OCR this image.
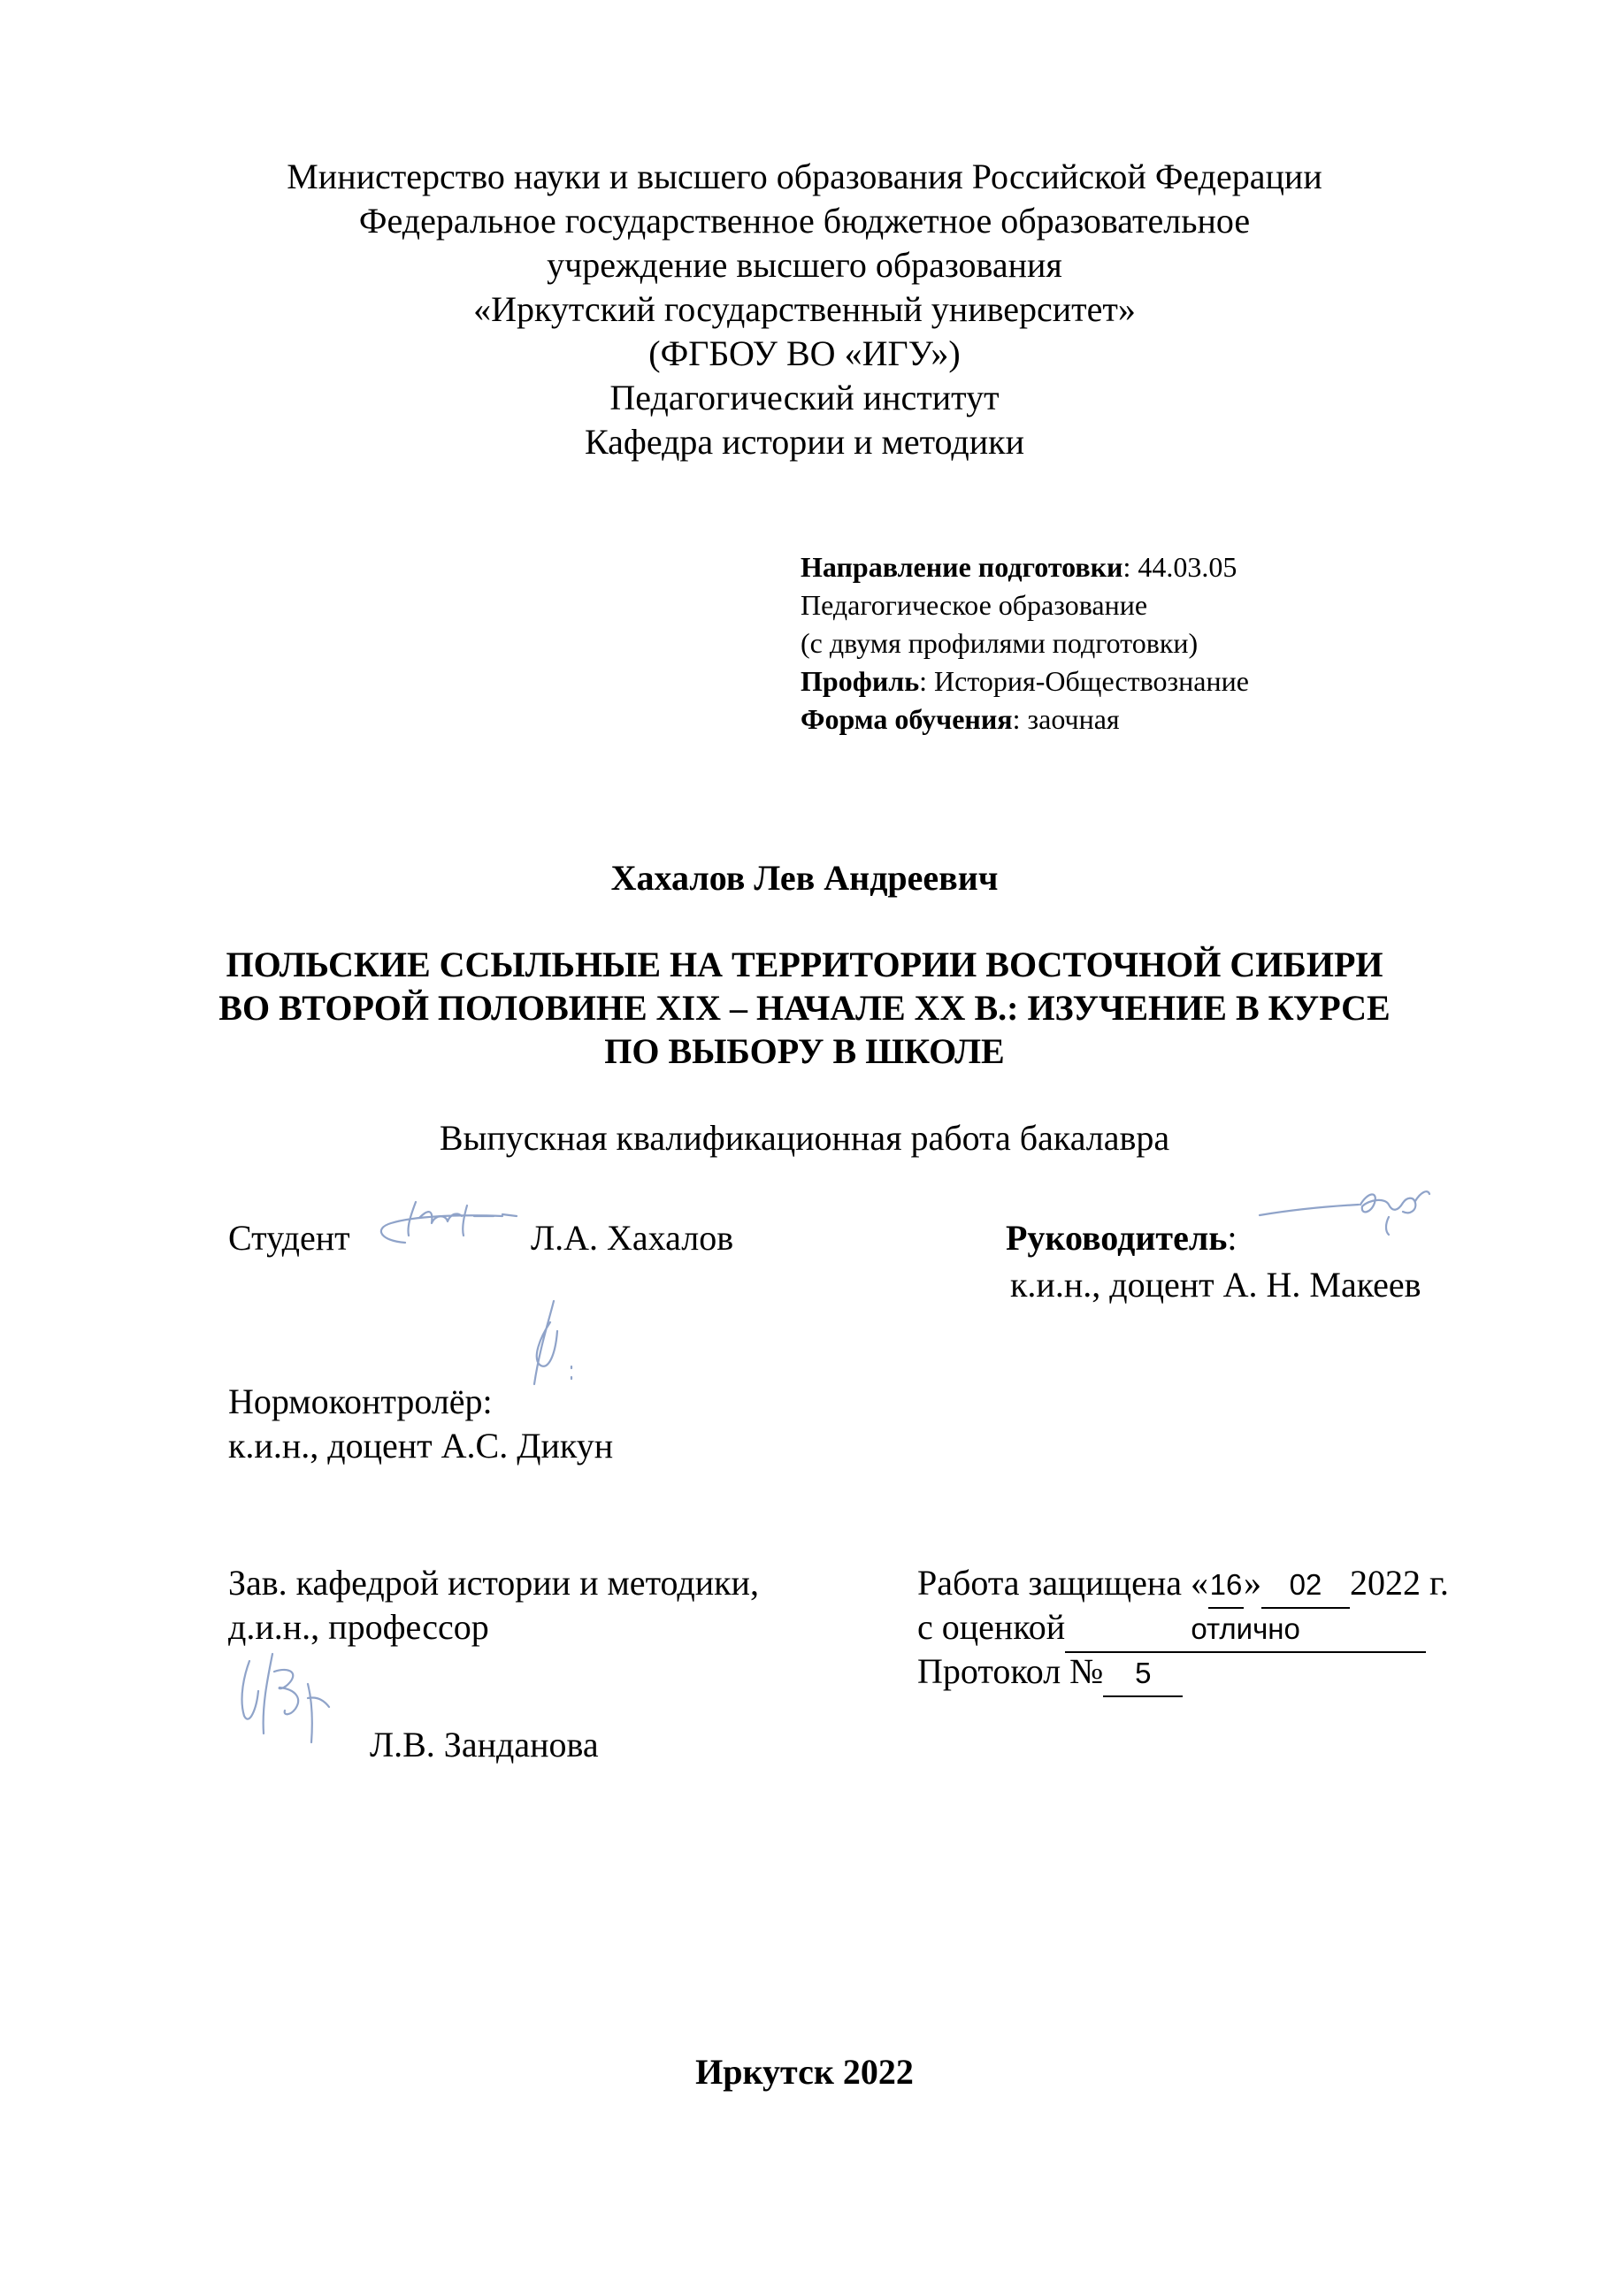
Министерство науки и высшего образования Российской Федерации
Федеральное государственное бюджетное образовательное
учреждение высшего образования
«Иркутский государственный университет»
(ФГБОУ ВО «ИГУ»)
Педагогический институт
Кафедра истории и методики
Направление подготовки: 44.03.05
Педагогическое образование
(с двумя профилями подготовки)
Профиль: История-Обществознание
Форма обучения: заочная
Хахалов Лев Андреевич
ПОЛЬСКИЕ ССЫЛЬНЫЕ НА ТЕРРИТОРИИ ВОСТОЧНОЙ СИБИРИ
ВО ВТОРОЙ ПОЛОВИНЕ XIX – НАЧАЛЕ XX В.: ИЗУЧЕНИЕ В КУРСЕ
ПО ВЫБОРУ В ШКОЛЕ
Выпускная квалификационная работа бакалавра
Студент	Л.А. Хахалов	Руководитель:
к.и.н., доцент А. Н. Макеев
Нормоконтролёр:
к.и.н., доцент А.С. Дикун
Зав. кафедрой истории и методики,
д.и.н., профессор
Л.В. Занданова
Работа защищена «16» 02 2022 г.
с оценкой	отлично
Протокол № 5
Иркутск 2022
